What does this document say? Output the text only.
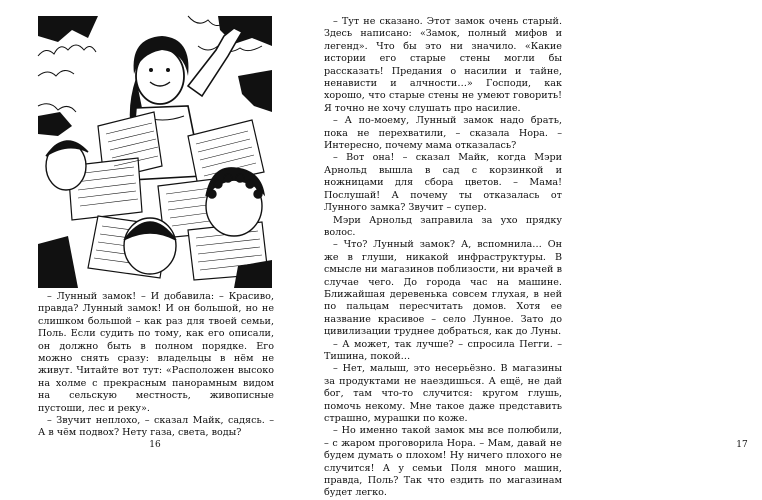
– Лунный замок! – И добавила: – Красиво, правда? Лунный замок! И он большой, но не слишком большой – как раз для твоей семьи, Поль. Если судить по тому, как его описали, он должно быть в полном порядке. Его можно снять сразу: владельцы в нём не живут. Читайте вот тут: «Расположен высоко на холме с прекрасным панорамным видом на сельскую местность, живописные пустоши, лес и реку».

– Звучит неплохо, – сказал Майк, садясь. – А в чём подвох? Нету газа, света, воды?

16	17

– Тут не сказано. Этот замок очень старый. Здесь написано: «Замок, полный мифов и легенд». Что бы это ни значило. «Какие истории его старые стены могли бы рассказать! Предания о насилии и тайне, ненависти и алчности…» Господи, как хорошо, что старые стены не умеют говорить! Я точно не хочу слушать про насилие.

– А по-моему, Лунный замок надо брать, пока не перехватили, – сказала Нора. – Интересно, почему мама отказалась?

– Вот она! – сказал Майк, когда Мэри Арнольд вышла в сад с корзинкой и ножницами для сбора цветов. – Мама! Послушай! А почему ты отказалась от Лунного замка? Звучит – супер.

Мэри Арнольд заправила за ухо прядку волос.

– Что? Лунный замок? А, вспомнила… Он же в глуши, никакой инфраструктуры. В смысле ни магазинов поблизости, ни врачей в случае чего. До города час на машине. Ближайшая деревенька совсем глухая, в ней по пальцам пересчитать домов. Хотя ее название красивое – село Лунное. Зато до цивилизации труднее добраться, как до Луны.

– А может, так лучше? – спросила Пегги. – Тишина, покой…

– Нет, малыш, это несерьёзно. В магазины за продуктами не наездишься. А ещё, не дай бог, там что-то случится: кругом глушь, помочь некому. Мне такое даже представить страшно, мурашки по коже.

– Но именно такой замок мы все полюбили, – с жаром проговорила Нора. – Мам, давай не будем думать о плохом! Ну ничего плохого не случится! А у семьи Поля много машин, правда, Поль? Так что ездить по магазинам будет легко.
